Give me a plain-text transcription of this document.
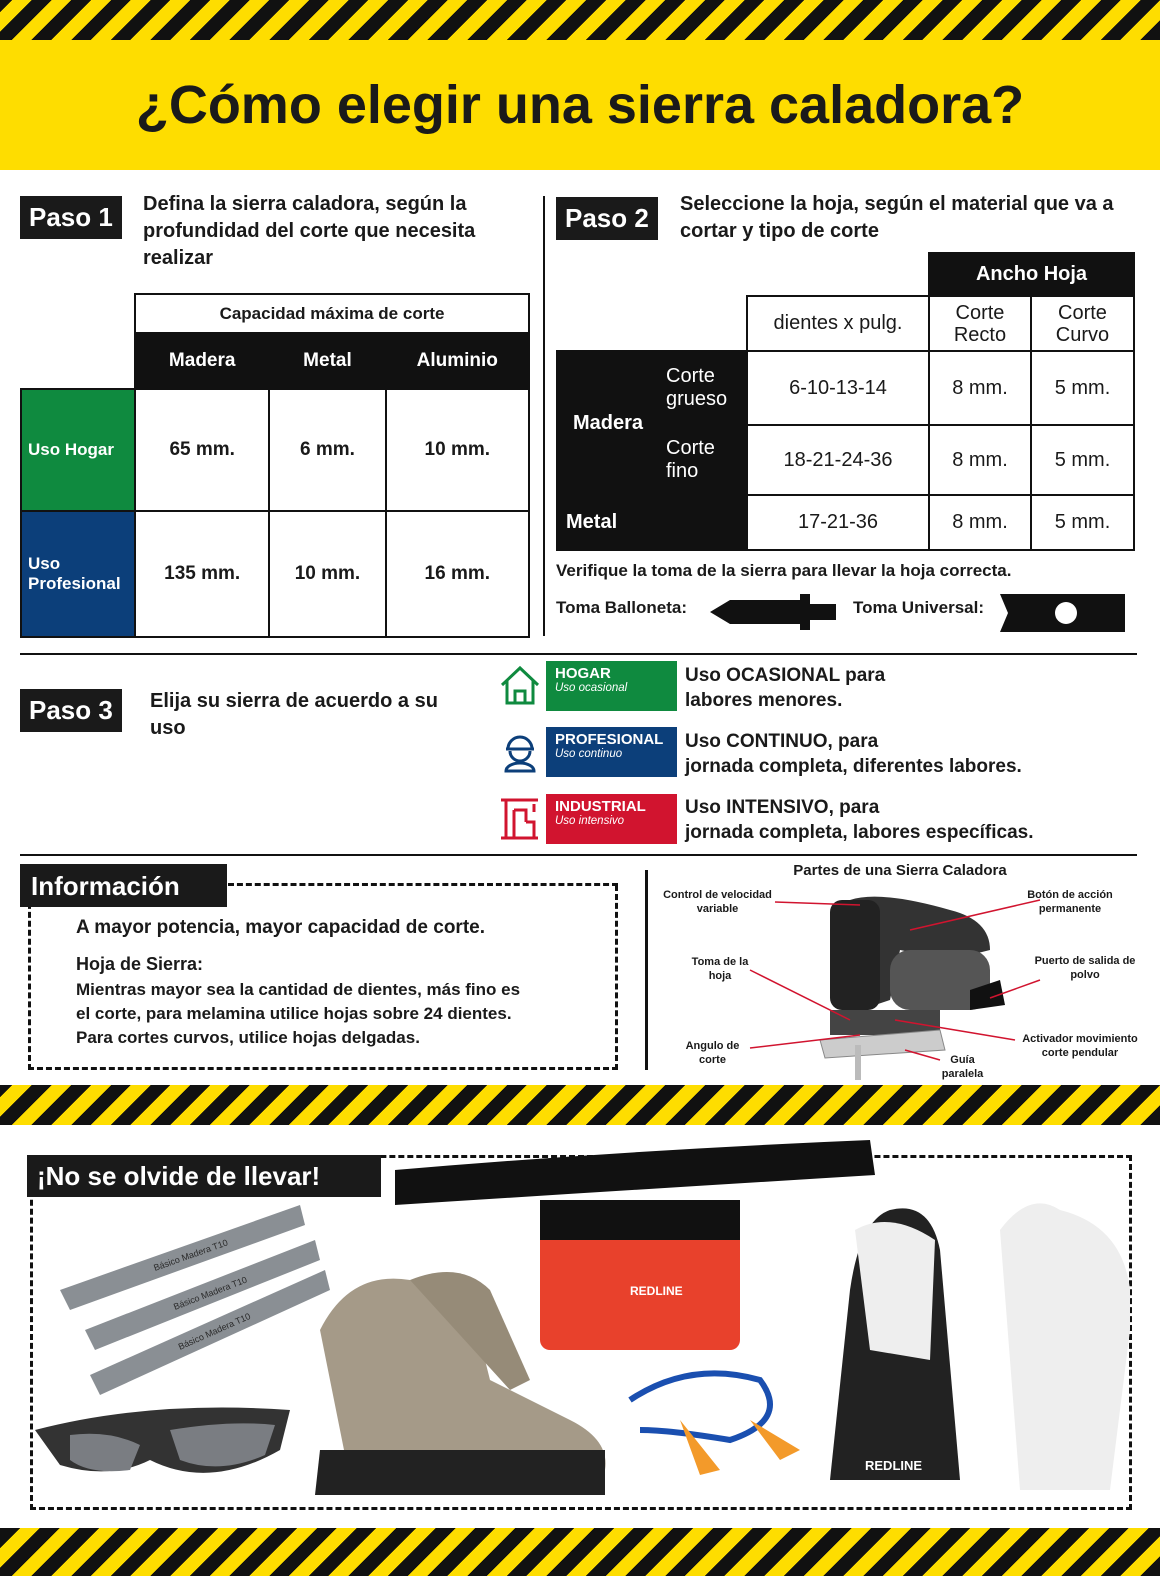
¿Cómo elegir una sierra caladora?
Paso 1	Defina la sierra caladora, según la profundidad del corte que necesita realizar
	Capacidad máxima de corte		
	Madera	Metal	Aluminio
Uso Hogar	65 mm.	6 mm.	10 mm.
Uso Profesional	135 mm.	10 mm.	16 mm.
Paso 2	Seleccione la hoja, según el material que va a cortar y tipo de corte
			Ancho Hoja	
		dientes x pulg.	Corte Recto	Corte Curvo
Madera	Corte grueso	6-10-13-14	8 mm.	5 mm.
	Corte fino	18-21-24-36	8 mm.	5 mm.
Metal		17-21-36	8 mm.	5 mm.
Verifique la toma de la sierra para llevar la hoja correcta.
Toma Balloneta:	Toma Universal:
Paso 3	Elija su sierra de acuerdo a su uso
HOGAR
Uso ocasional
Uso OCASIONAL para
labores menores.
PROFESIONAL
Uso continuo
Uso CONTINUO, para
jornada completa, diferentes labores.
INDUSTRIAL
Uso intensivo
Uso INTENSIVO, para
jornada completa, labores específicas.
Información
A mayor potencia, mayor capacidad de corte.
Hoja de Sierra:
Mientras mayor sea la cantidad de dientes, más fino es
el corte, para melamina utilice hojas sobre 24 dientes.
Para cortes curvos, utilice hojas delgadas.
Partes de una Sierra Caladora
Control de velocidad variable
Botón de acción permanente
Toma de la hoja
Puerto de salida de polvo
Angulo de corte
Activador movimiento corte pendular
Guía paralela
¡No se olvide de llevar!
Básico Madera T10
Básico Madera T10
Básico Madera T10
REDLINE
REDLINE
